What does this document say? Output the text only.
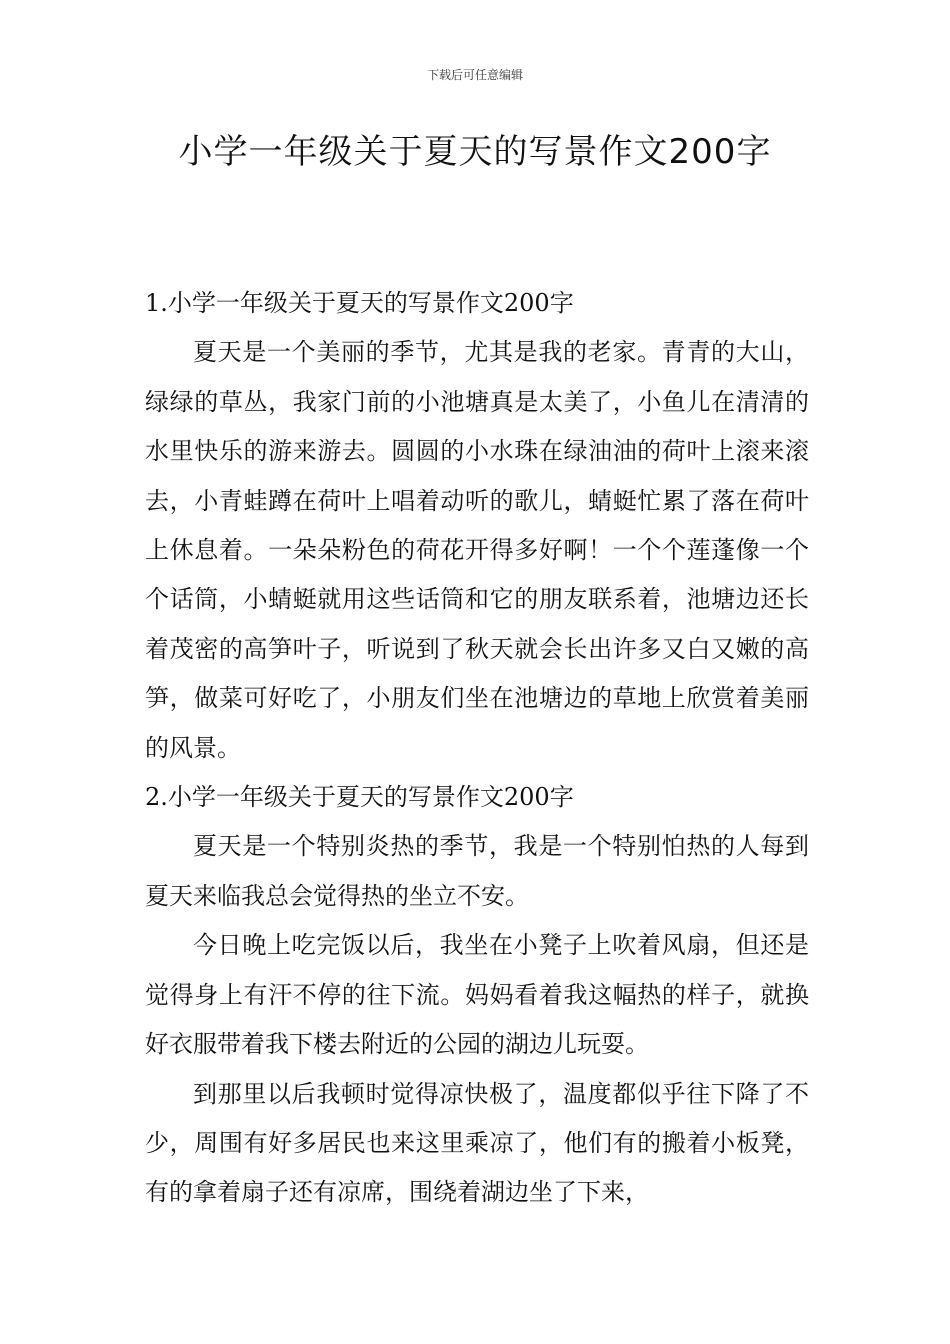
下载后可任意编辑
小学一年级关于夏天的写景作文200字

1.小学一年级关于夏天的写景作文200字

夏天是一个美丽的季节，尤其是我的老家。青青的大山，绿绿的草丛，我家门前的小池塘真是太美了，小鱼儿在清清的水里快乐的游来游去。圆圆的小水珠在绿油油的荷叶上滚来滚去，小青蛙蹲在荷叶上唱着动听的歌儿，蜻蜓忙累了落在荷叶上休息着。一朵朵粉色的荷花开得多好啊！一个个莲蓬像一个个话筒，小蜻蜓就用这些话筒和它的朋友联系着，池塘边还长着茂密的高笋叶子，听说到了秋天就会长出许多又白又嫩的高笋，做菜可好吃了，小朋友们坐在池塘边的草地上欣赏着美丽的风景。

2.小学一年级关于夏天的写景作文200字

夏天是一个特别炎热的季节，我是一个特别怕热的人每到夏天来临我总会觉得热的坐立不安。

今日晚上吃完饭以后，我坐在小凳子上吹着风扇，但还是觉得身上有汗不停的往下流。妈妈看着我这幅热的样子，就换好衣服带着我下楼去附近的公园的湖边儿玩耍。

到那里以后我顿时觉得凉快极了，温度都似乎往下降了不少，周围有好多居民也来这里乘凉了，他们有的搬着小板凳，有的拿着扇子还有凉席，围绕着湖边坐了下来，
